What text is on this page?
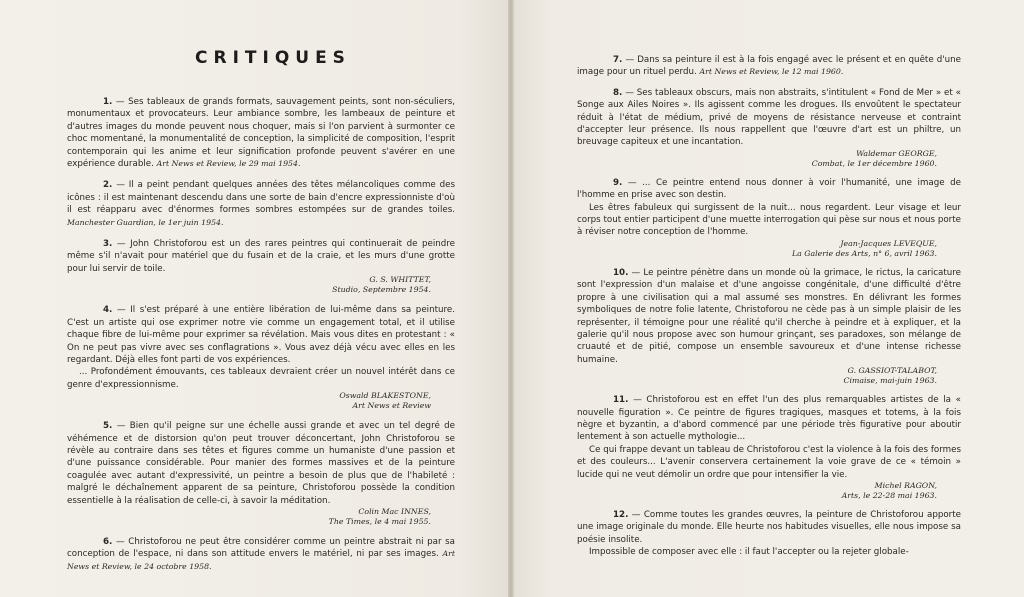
CRITIQUES

1. — Ses tableaux de grands formats, sauvagement peints, sont non-séculiers, monumentaux et provocateurs. Leur ambiance sombre, les lambeaux de peinture et d'autres images du monde peuvent nous choquer, mais si l'on parvient à surmonter ce choc momentané, la monumentalité de conception, la simplicité de composition, l'esprit contemporain qui les anime et leur signification profonde peuvent s'avérer en une expérience durable. Art News et Review, le 29 mai 1954.

2. — Il a peint pendant quelques années des têtes mélancoliques comme des icônes : il est maintenant descendu dans une sorte de bain d'encre expressionniste d'où il est réapparu avec d'énormes formes sombres estompées sur de grandes toiles. Manchester Guardian, le 1er juin 1954.

3. — John Christoforou est un des rares peintres qui continuerait de peindre même s'il n'avait pour matériel que du fusain et de la craie, et les murs d'une grotte pour lui servir de toile.

G. S. WHITTET,
Studio, Septembre 1954.

4. — Il s'est préparé à une entière libération de lui-même dans sa peinture. C'est un artiste qui ose exprimer notre vie comme un engagement total, et il utilise chaque fibre de lui-même pour exprimer sa révélation. Mais vous dites en protestant : « On ne peut pas vivre avec ses conflagrations ». Vous avez déjà vécu avec elles en les regardant. Déjà elles font parti de vos expériences.

... Profondément émouvants, ces tableaux devraient créer un nouvel intérêt dans ce genre d'expressionnisme.

Oswald BLAKESTONE,
Art News et Review

5. — Bien qu'il peigne sur une échelle aussi grande et avec un tel degré de véhémence et de distorsion qu'on peut trouver déconcertant, John Christoforou se révèle au contraire dans ses têtes et figures comme un humaniste d'une passion et d'une puissance considérable. Pour manier des formes massives et de la peinture coagulée avec autant d'expressivité, un peintre a besoin de plus que de l'habileté : malgré le déchaînement apparent de sa peinture, Christoforou possède la condition essentielle à la réalisation de celle-ci, à savoir la méditation.

Colin Mac INNES,
The Times, le 4 mai 1955.

6. — Christoforou ne peut être considérer comme un peintre abstrait ni par sa conception de l'espace, ni dans son attitude envers le matériel, ni par ses images. Art News et Review, le 24 octobre 1958.

7. — Dans sa peinture il est à la fois engagé avec le présent et en quête d'une image pour un rituel perdu. Art News et Review, le 12 mai 1960.

8. — Ses tableaux obscurs, mais non abstraits, s'intitulent « Fond de Mer » et « Songe aux Ailes Noires ». Ils agissent comme les drogues. Ils envoûtent le spectateur réduit à l'état de médium, privé de moyens de résistance nerveuse et contraint d'accepter leur présence. Ils nous rappellent que l'œuvre d'art est un philtre, un breuvage capiteux et une incantation.

Waldemar GEORGE,
Combat, le 1er décembre 1960.

9. — ... Ce peintre entend nous donner à voir l'humanité, une image de l'homme en prise avec son destin.

Les êtres fabuleux qui surgissent de la nuit... nous regardent. Leur visage et leur corps tout entier participent d'une muette interrogation qui pèse sur nous et nous porte à réviser notre conception de l'homme.

Jean-Jacques LEVEQUE,
La Galerie des Arts, n° 6, avril 1963.

10. — Le peintre pénètre dans un monde où la grimace, le rictus, la caricature sont l'expression d'un malaise et d'une angoisse congénitale, d'une difficulté d'être propre à une civilisation qui a mal assumé ses monstres. En délivrant les formes symboliques de notre folie latente, Christoforou ne cède pas à un simple plaisir de les représenter, il témoigne pour une réalité qu'il cherche à peindre et à expliquer, et la galerie qu'il nous propose avec son humour grinçant, ses paradoxes, son mélange de cruauté et de pitié, compose un ensemble savoureux et d'une intense richesse humaine.

G. GASSIOT-TALABOT,
Cimaise, mai-juin 1963.

11. — Christoforou est en effet l'un des plus remarquables artistes de la « nouvelle figuration ». Ce peintre de figures tragiques, masques et totems, à la fois nègre et byzantin, a d'abord commencé par une période très figurative pour aboutir lentement à son actuelle mythologie...

Ce qui frappe devant un tableau de Christoforou c'est la violence à la fois des formes et des couleurs... L'avenir conservera certainement la voie grave de ce « témoin » lucide qui ne veut démolir un ordre que pour intensifier la vie.

Michel RAGON,
Arts, le 22-28 mai 1963.

12. — Comme toutes les grandes œuvres, la peinture de Christoforou apporte une image originale du monde. Elle heurte nos habitudes visuelles, elle nous impose sa poésie insolite.

Impossible de composer avec elle : il faut l'accepter ou la rejeter globale-
